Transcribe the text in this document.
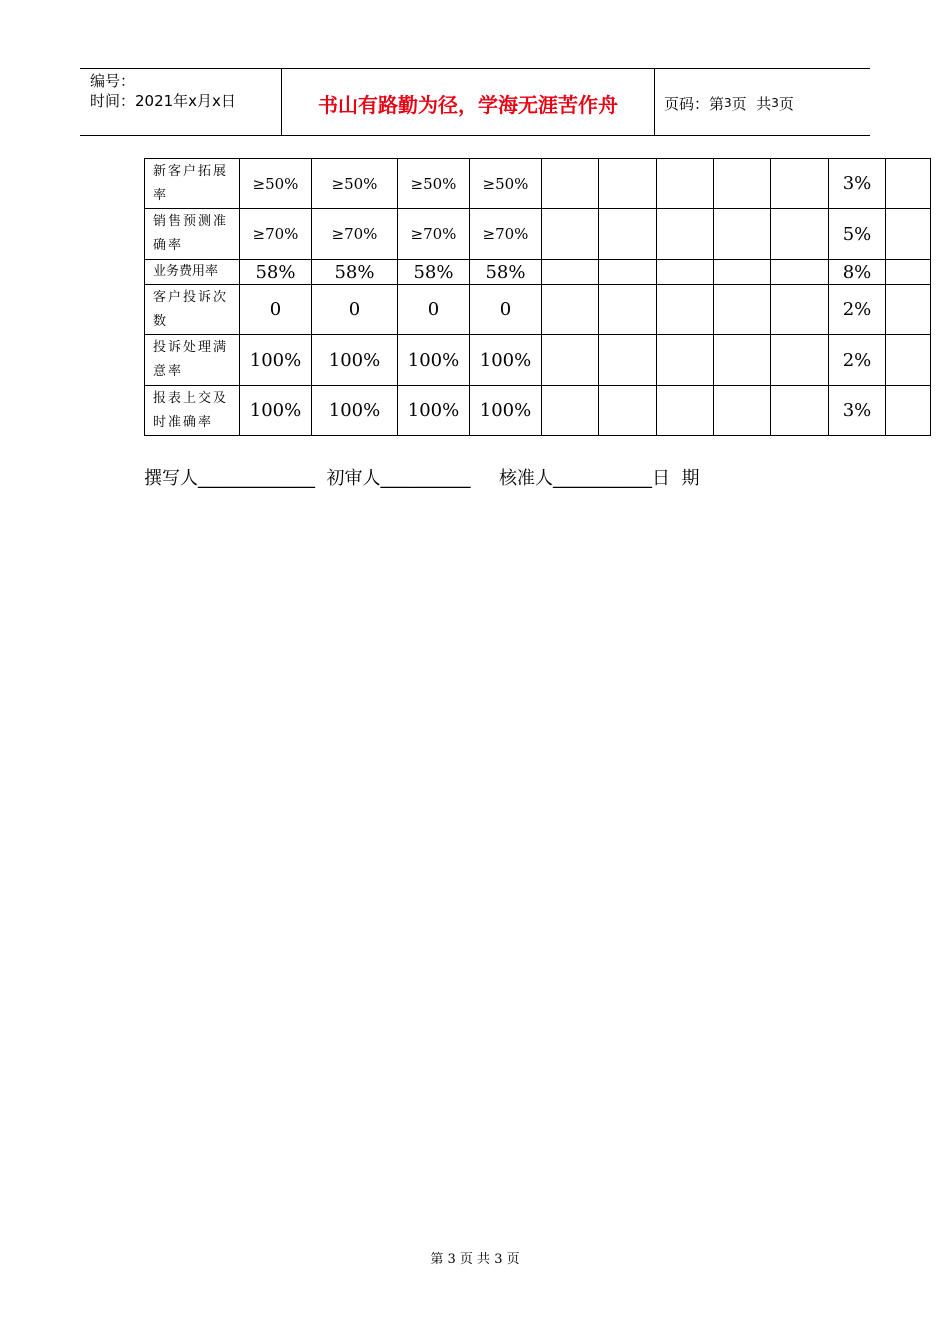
编号：
时间：2021年x月x日	书山有路勤为径，学海无涯苦作舟	页码：第 3 页  共 3 页
新客户拓展
率	≥50%	≥50%	≥50%	≥50%						3%	

销售预测准
确率	≥70%	≥70%	≥70%	≥70%						5%	

业务费用率	58%	58%	58%	58%						8%	

客户投诉次
数	0	0	0	0						2%	

投诉处理满
意率	100%	100%	100%	100%						2%	

报表上交及
时准确率	100%	100%	100%	100%						3%	
撰写人_____________  初审人__________     核准人___________日  期
第 3 页 共 3 页
